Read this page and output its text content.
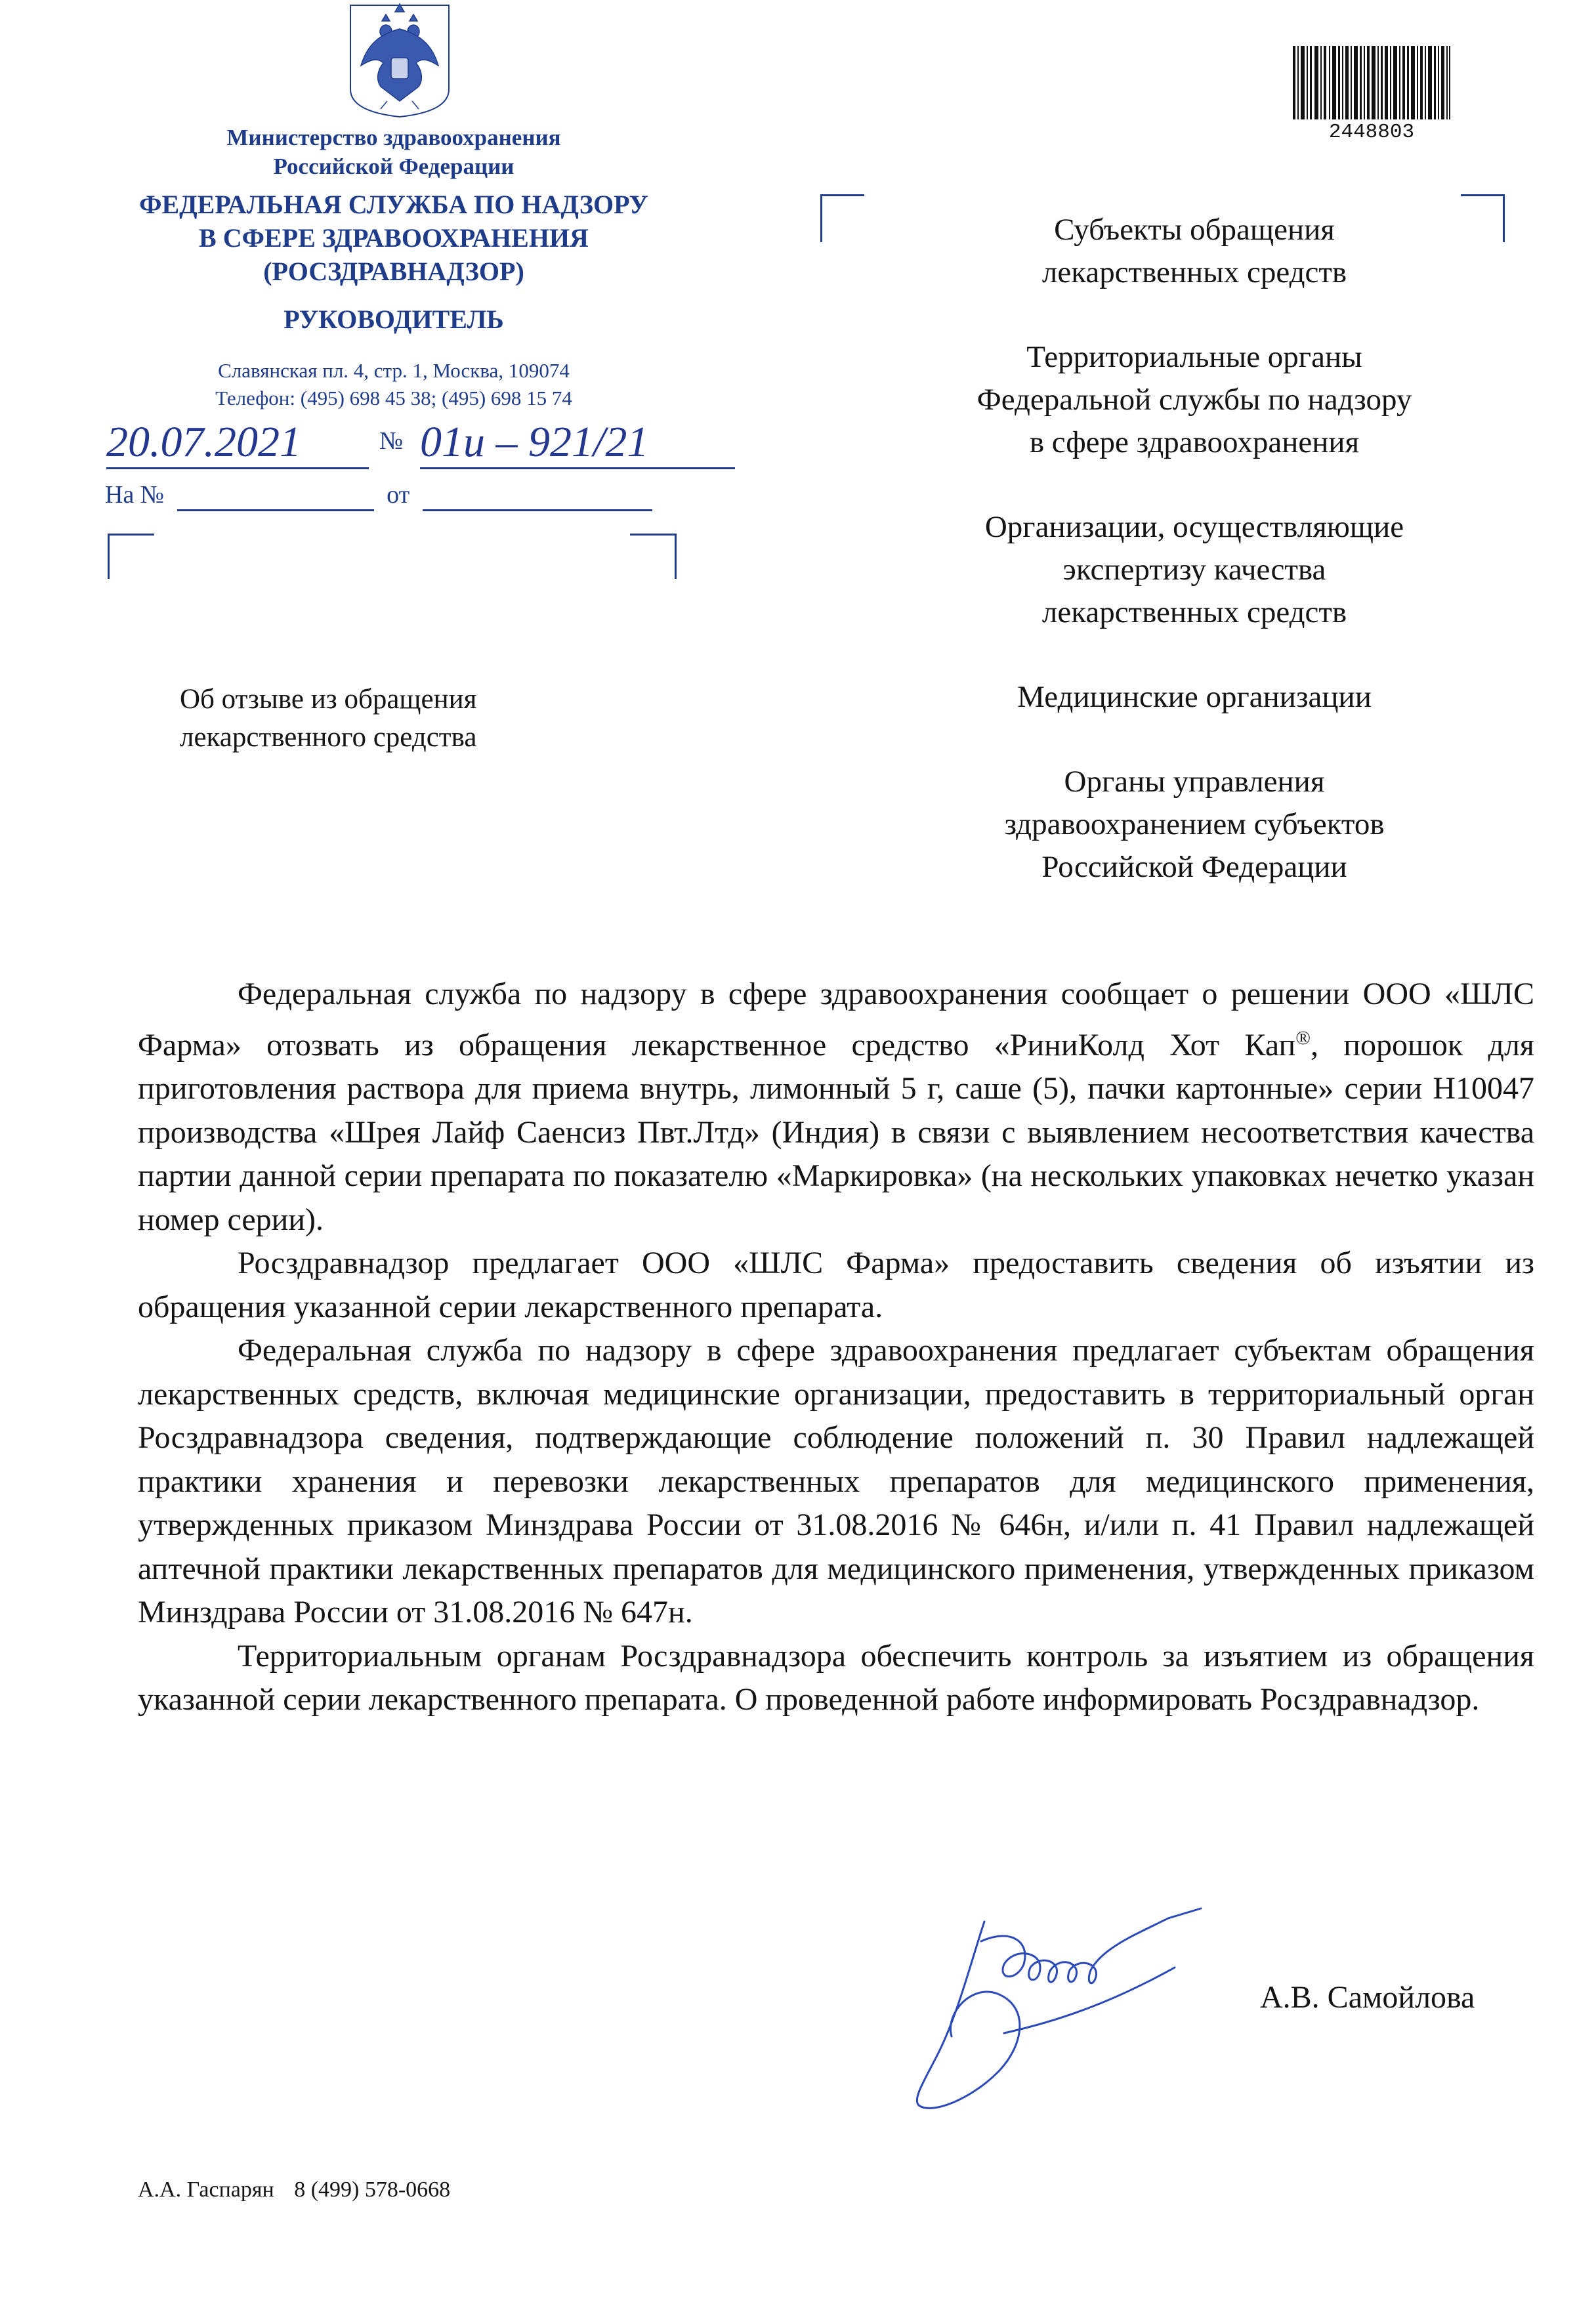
Министерство здравоохранения
Российской Федерации
ФЕДЕРАЛЬНАЯ СЛУЖБА ПО НАДЗОРУ
В СФЕРЕ ЗДРАВООХРАНЕНИЯ
(РОСЗДРАВНАДЗОР)
РУКОВОДИТЕЛЬ
Славянская пл. 4, стр. 1, Москва, 109074
Телефон: (495) 698 45 38; (495) 698 15 74
20.07.2021	№ 01и – 921/21
На №	от
2448803
Субъекты обращения
лекарственных средств
Территориальные органы
Федеральной службы по надзору
в сфере здравоохранения
Организации, осуществляющие
экспертизу качества
лекарственных средств
Медицинские организации
Органы управления
здравоохранением субъектов
Российской Федерации
Об отзыве из обращения
лекарственного средства

Федеральная служба по надзору в сфере здравоохранения сообщает о решении ООО «ШЛС Фарма» отозвать из обращения лекарственное средство «РиниКолд Хот Кап®, порошок для приготовления раствора для приема внутрь, лимонный 5 г, саше (5), пачки картонные» серии H10047 производства «Шрея Лайф Саенсиз Пвт.Лтд» (Индия) в связи с выявлением несоответствия качества партии данной серии препарата по показателю «Маркировка» (на нескольких упаковках нечетко указан номер серии).

Росздравнадзор предлагает ООО «ШЛС Фарма» предоставить сведения об изъятии из обращения указанной серии лекарственного препарата.

Федеральная служба по надзору в сфере здравоохранения предлагает субъектам обращения лекарственных средств, включая медицинские организации, предоставить в территориальный орган Росздравнадзора сведения, подтверждающие соблюдение положений п. 30 Правил надлежащей практики хранения и перевозки лекарственных препаратов для медицинского применения, утвержденных приказом Минздрава России от 31.08.2016 № 646н, и/или п. 41 Правил надлежащей аптечной практики лекарственных препаратов для медицинского применения, утвержденных приказом Минздрава России от 31.08.2016 № 647н.

Территориальным органам Росздравнадзора обеспечить контроль за изъятием из обращения указанной серии лекарственного препарата. О проведенной работе информировать Росздравнадзор.

А.В. Самойлова
А.А. Гаспарян 8 (499) 578-0668
